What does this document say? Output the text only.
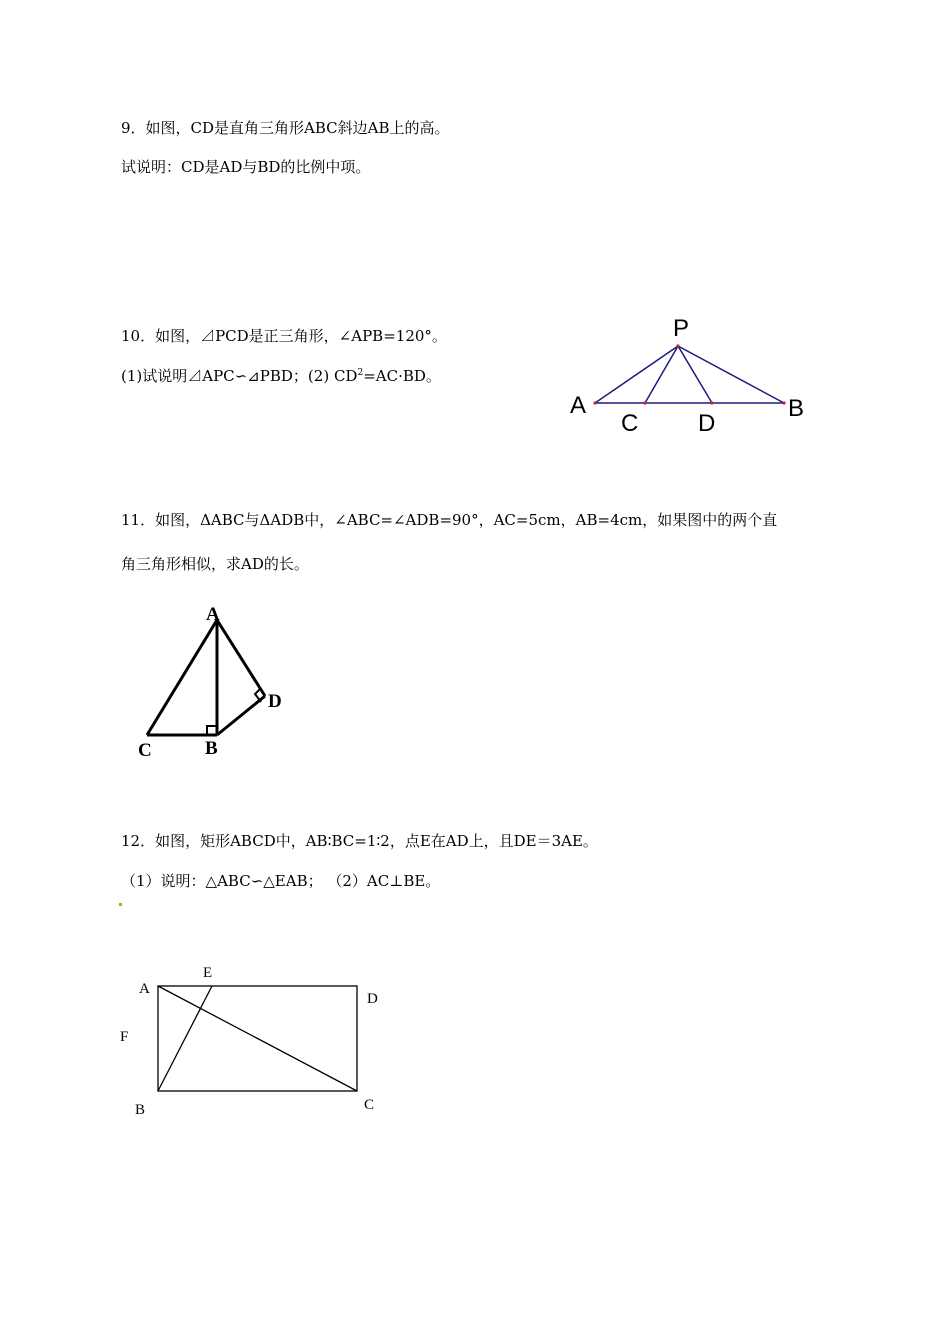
9．如图，CD是直角三角形ABC斜边AB上的高。
试说明：CD是AD与BD的比例中项。
10．如图，⊿PCD是正三角形，∠APB=120°。
(1)试说明⊿APC∽⊿PBD；(2) $CD^2=AC\cdot BD$。
P
A
C D
B
11．如图，ΔABC与ΔADB中，∠ABC=∠ADB=90°，AC=5cm，AB=4cm，如果图中的两个直
角三角形相似，求AD的长。
A
D
C	B
12．如图，矩形ABCD中，AB∶BC=1∶2，点E在AD上，且DE＝3AE。
（1）说明：△ABC∽△EAB； （2）AC⊥BE。
A
E
D
F
B	C
